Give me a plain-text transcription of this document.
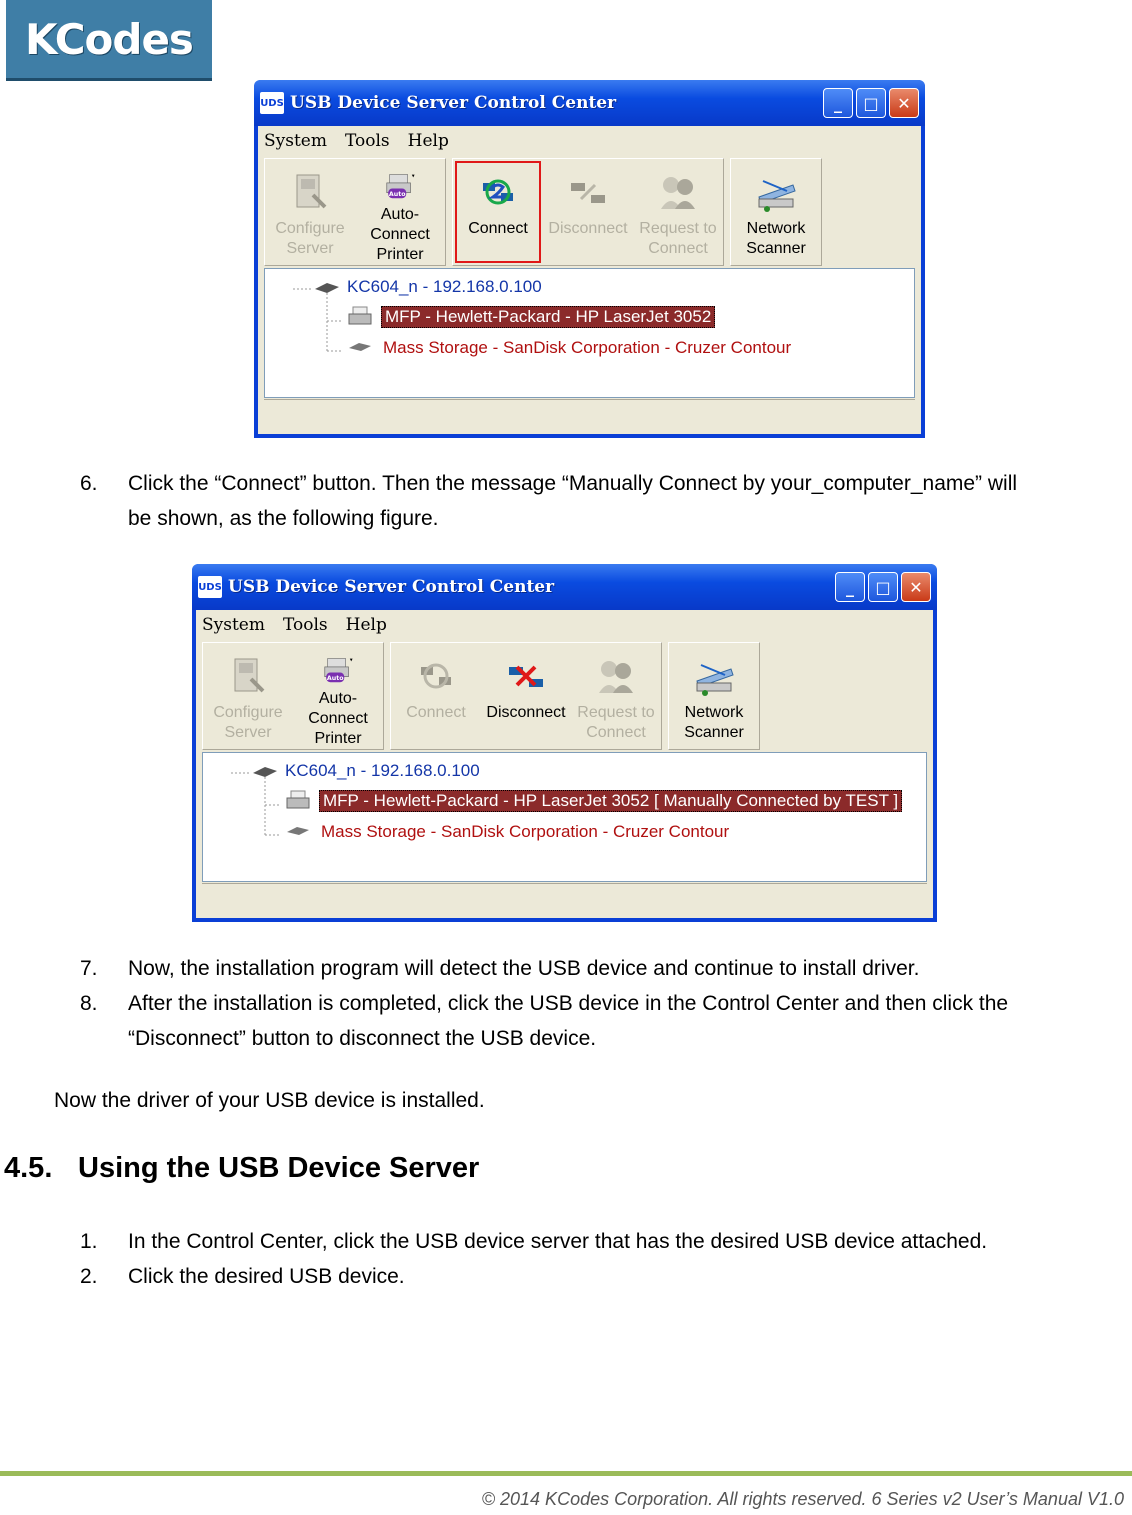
KCodes
UDS USB Device Server Control Center	_	□	✕
System Tools Help
Configure
Server
Auto
Auto-Connect
Printer
Connect Disconnect Request to
Connect
Network
Scanner
KC604_n - 192.168.0.100
MFP - Hewlett-Packard - HP LaserJet 3052
Mass Storage - SanDisk Corporation - Cruzer Contour
6.	Click the “Connect” button. Then the message “Manually Connect by your_computer_name” will
be shown, as the following figure.
UDS USB Device Server Control Center	_	□	✕
System Tools Help
Configure
Server
Auto
Auto-Connect
Printer
Connect Disconnect Request to
Connect
Network
Scanner
KC604_n - 192.168.0.100
MFP - Hewlett-Packard - HP LaserJet 3052 [ Manually Connected by TEST ]
Mass Storage - SanDisk Corporation - Cruzer Contour
7.	Now, the installation program will detect the USB device and continue to install driver.
8.	After the installation is completed, click the USB device in the Control Center and then click the
“Disconnect” button to disconnect the USB device.
Now the driver of your USB device is installed.
4.5. Using the USB Device Server
1.	In the Control Center, click the USB device server that has the desired USB device attached.
2.	Click the desired USB device.
© 2014 KCodes Corporation. All rights reserved. 6 Series v2 User’s Manual V1.0
